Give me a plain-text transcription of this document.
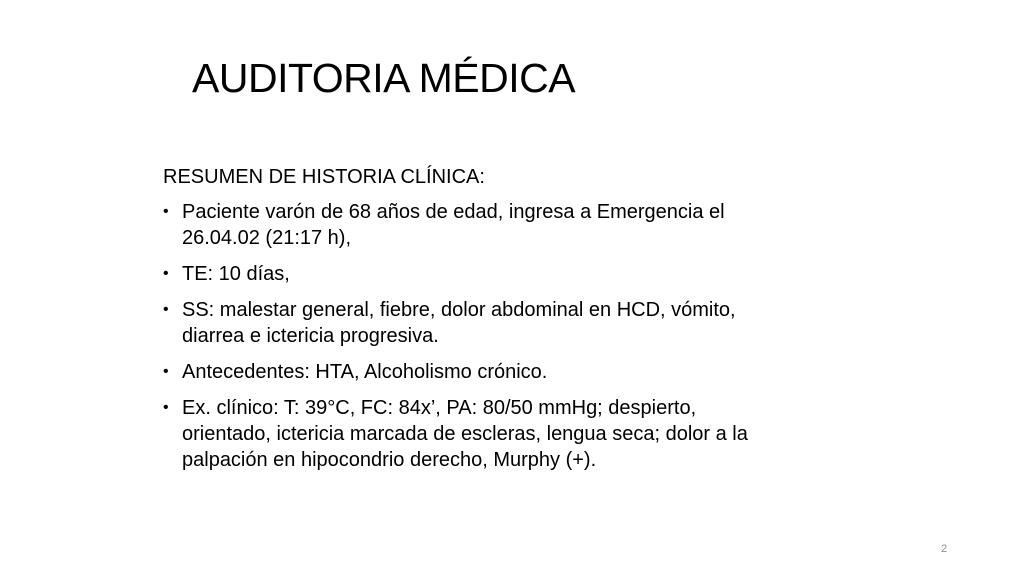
AUDITORIA MÉDICA
RESUMEN DE HISTORIA CLÍNICA:
• Paciente varón de 68 años de edad, ingresa a Emergencia el
26.04.02 (21:17 h),
• TE: 10 días,
• SS: malestar general, fiebre, dolor abdominal en HCD, vómito,
diarrea e ictericia progresiva.
• Antecedentes: HTA, Alcoholismo crónico.
• Ex. clínico: T: 39°C, FC: 84x’, PA: 80/50 mmHg; despierto,
orientado, ictericia marcada de escleras, lengua seca; dolor a la
palpación en hipocondrio derecho, Murphy (+).
2
